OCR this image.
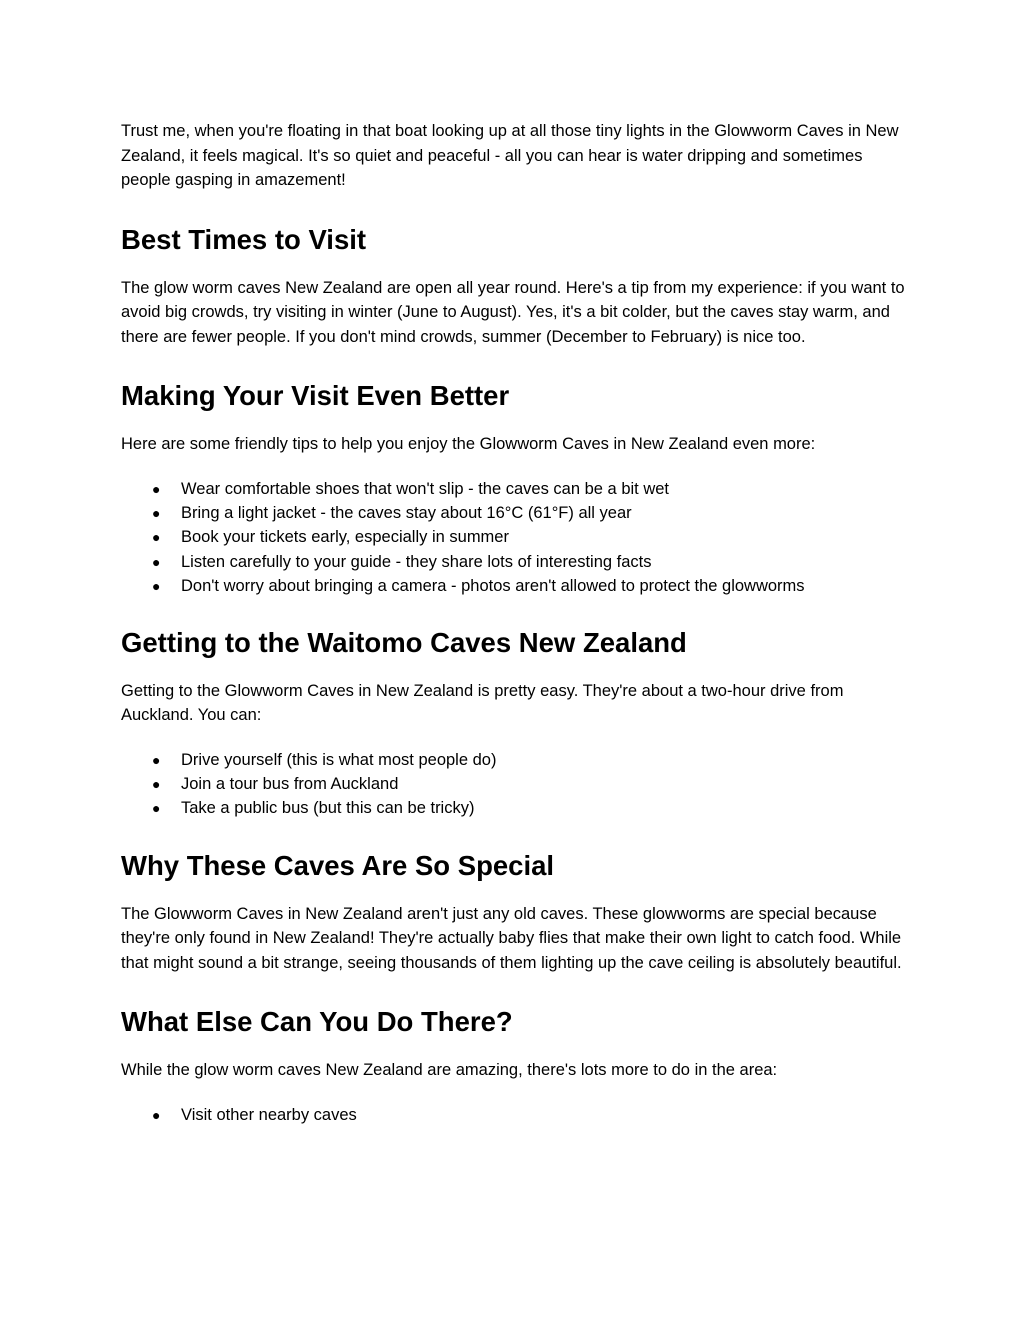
Trust me, when you're floating in that boat looking up at all those tiny lights in the Glowworm Caves in New Zealand, it feels magical. It's so quiet and peaceful - all you can hear is water dripping and sometimes people gasping in amazement!

Best Times to Visit

The glow worm caves New Zealand are open all year round. Here's a tip from my experience: if you want to avoid big crowds, try visiting in winter (June to August). Yes, it's a bit colder, but the caves stay warm, and there are fewer people. If you don't mind crowds, summer (December to February) is nice too.

Making Your Visit Even Better

Here are some friendly tips to help you enjoy the Glowworm Caves in New Zealand even more:

● Wear comfortable shoes that won't slip - the caves can be a bit wet
● Bring a light jacket - the caves stay about 16°C (61°F) all year
● Book your tickets early, especially in summer
● Listen carefully to your guide - they share lots of interesting facts
● Don't worry about bringing a camera - photos aren't allowed to protect the glowworms
Getting to the Waitomo Caves New Zealand

Getting to the Glowworm Caves in New Zealand is pretty easy. They're about a two-hour drive from Auckland. You can:

● Drive yourself (this is what most people do)
● Join a tour bus from Auckland
● Take a public bus (but this can be tricky)
Why These Caves Are So Special

The Glowworm Caves in New Zealand aren't just any old caves. These glowworms are special because they're only found in New Zealand! They're actually baby flies that make their own light to catch food. While that might sound a bit strange, seeing thousands of them lighting up the cave ceiling is absolutely beautiful.

What Else Can You Do There?

While the glow worm caves New Zealand are amazing, there's lots more to do in the area:

● Visit other nearby caves
